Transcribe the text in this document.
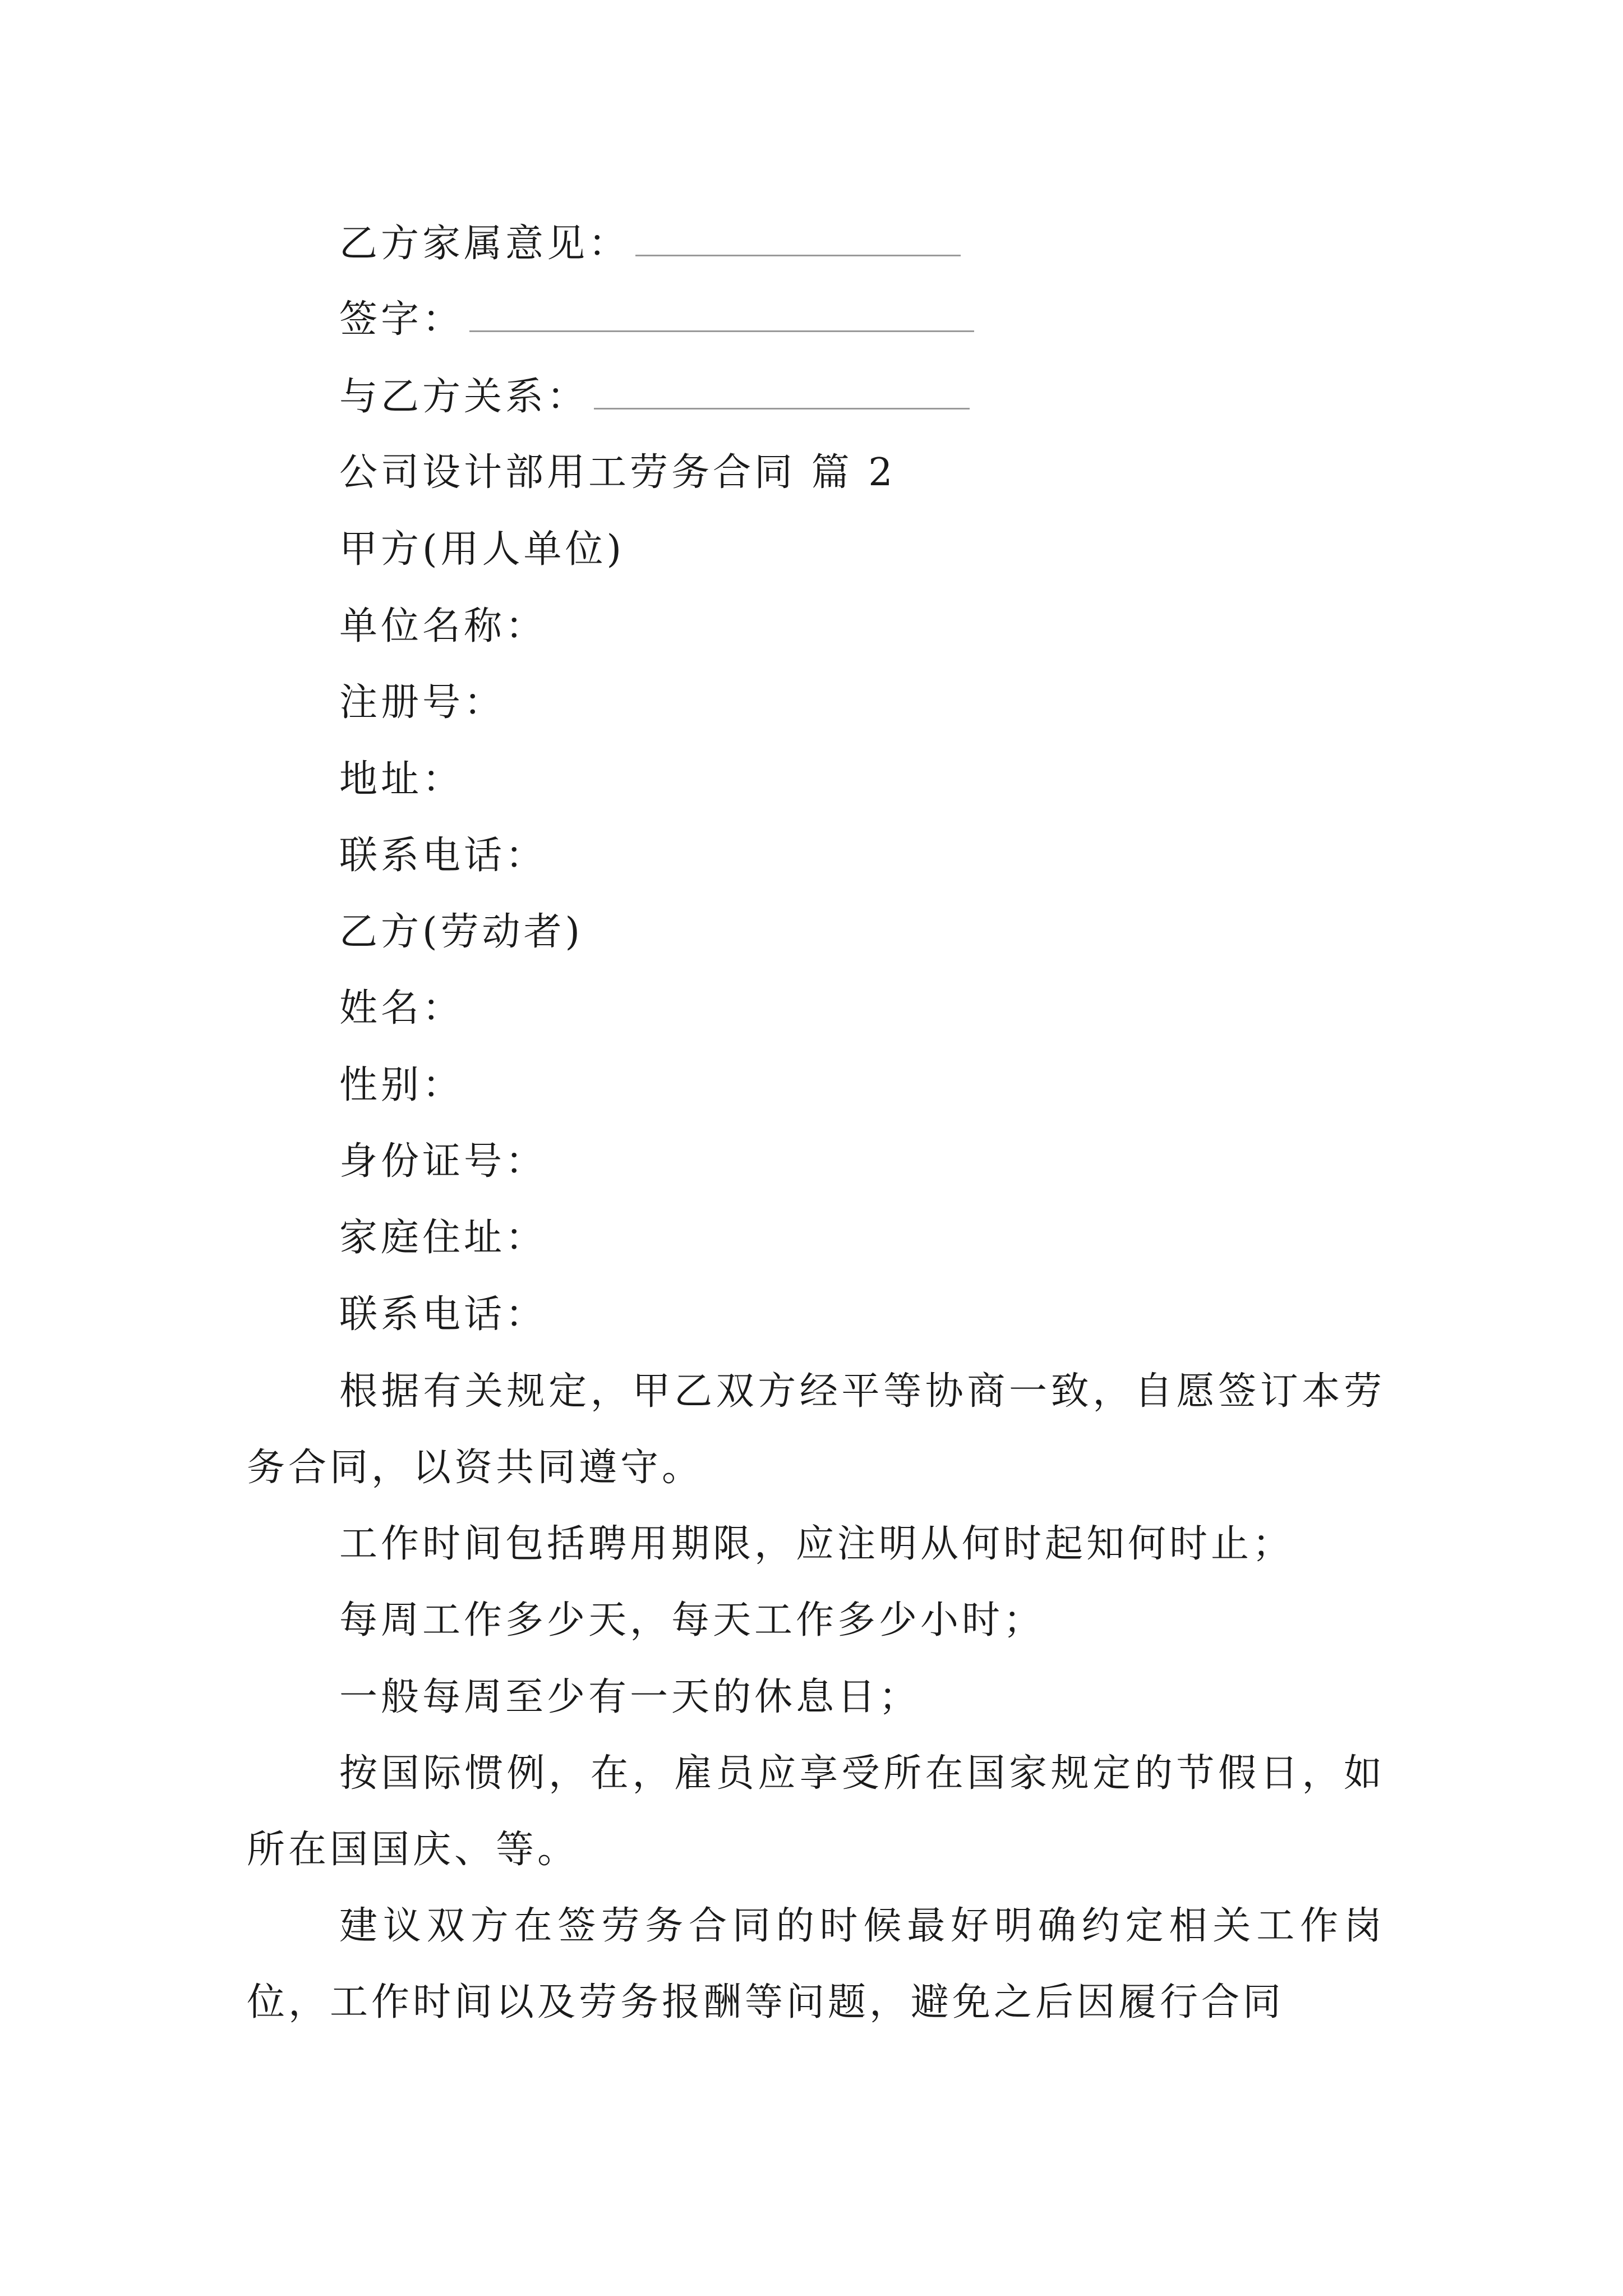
乙方家属意见：
签字：
与乙方关系：
公司设计部用工劳务合同 篇 2
甲方(用人单位)
单位名称：
注册号：
地址：
联系电话：
乙方(劳动者)
姓名：
性别：
身份证号：
家庭住址：
联系电话：
根据有关规定，甲乙双方经平等协商一致，自愿签订本劳务合同，以资共同遵守。
工作时间包括聘用期限，应注明从何时起知何时止；
每周工作多少天，每天工作多少小时；
一般每周至少有一天的休息日；
按国际惯例，在，雇员应享受所在国家规定的节假日，如所在国国庆、等。
建议双方在签劳务合同的时候最好明确约定相关工作岗位，工作时间以及劳务报酬等问题，避免之后因履行合同
